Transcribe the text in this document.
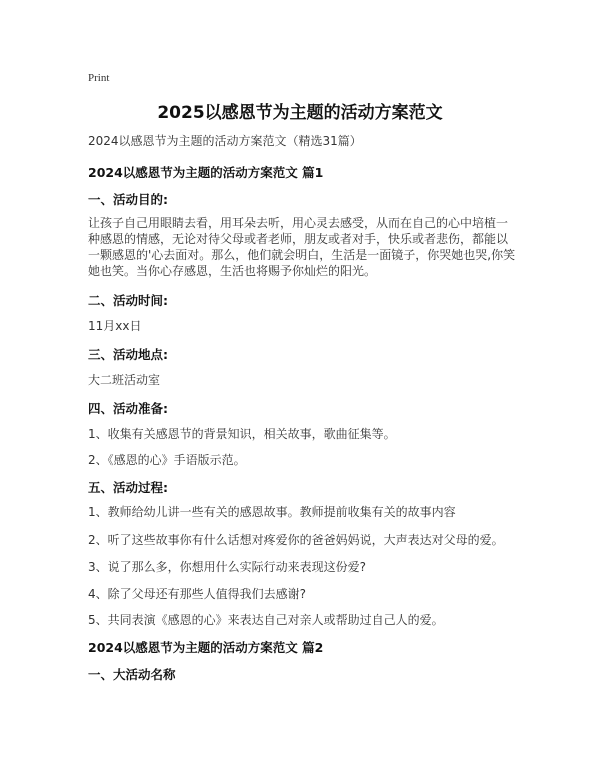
Print
2025以感恩节为主题的活动方案范文
2024以感恩节为主题的活动方案范文（精选31篇）
2024以感恩节为主题的活动方案范文 篇1
一、活动目的:
让孩子自己用眼睛去看，用耳朵去听，用心灵去感受，从而在自己的心中培植一种感恩的情感，无论对待父母或者老师，朋友或者对手，快乐或者悲伤，都能以一颗感恩的'心去面对。那么，他们就会明白，生活是一面镜子，你哭她也哭,你笑她也笑。当你心存感恩，生活也将赐予你灿烂的阳光。
二、活动时间:
11月xx日
三、活动地点:
大二班活动室
四、活动准备:
1、收集有关感恩节的背景知识，相关故事，歌曲征集等。
2、《感恩的心》手语版示范。
五、活动过程:
1、教师给幼儿讲一些有关的感恩故事。教师提前收集有关的故事内容
2、听了这些故事你有什么话想对疼爱你的爸爸妈妈说，大声表达对父母的爱。
3、说了那么多，你想用什么实际行动来表现这份爱?
4、除了父母还有那些人值得我们去感谢?
5、共同表演《感恩的心》来表达自己对亲人或帮助过自己人的爱。
2024以感恩节为主题的活动方案范文 篇2
一、大活动名称
